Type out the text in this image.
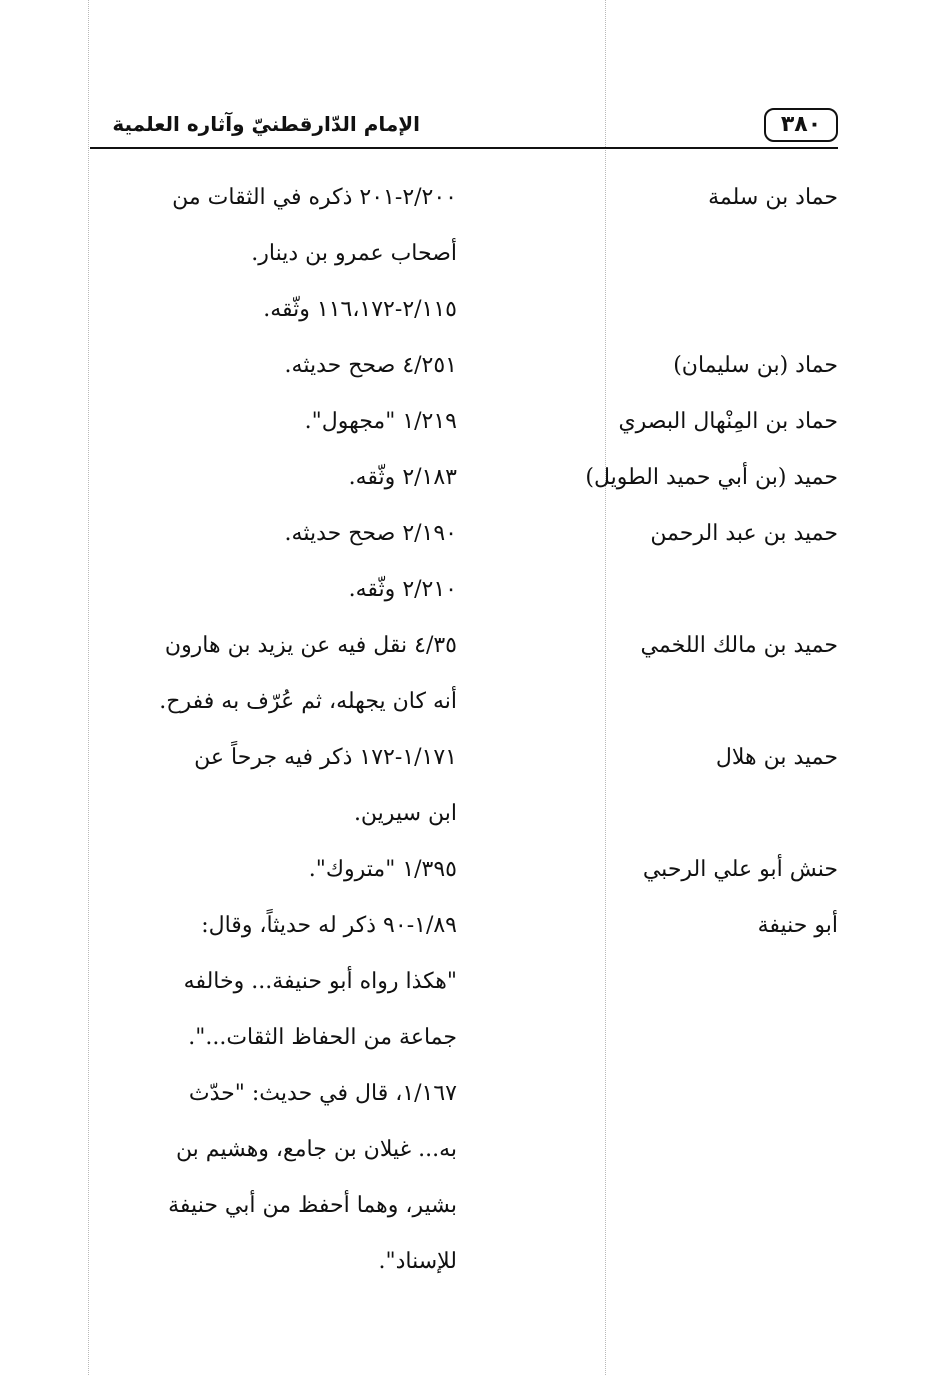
٣٨٠
الإمام الدّارقطنيّ وآثاره العلمية
حماد بن سلمة
٢/٢٠٠-٢٠١ ذكره في الثقات من
أصحاب عمرو بن دينار.
٢/١١٥-١١٦،١٧٢ وثّقه.
حماد (بن سليمان)
٤/٢٥١ صحح حديثه.
حماد بن المِنْهال البصري
١/٢١٩ "مجهول".
حميد (بن أبي حميد الطويل)
٢/١٨٣ وثّقه.
حميد بن عبد الرحمن
٢/١٩٠ صحح حديثه.
٢/٢١٠ وثّقه.
حميد بن مالك اللخمي
٤/٣٥ نقل فيه عن يزيد بن هارون
أنه كان يجهله، ثم عُرّف به ففرح.
حميد بن هلال
١/١٧١-١٧٢ ذكر فيه جرحاً عن
ابن سيرين.
حنش أبو علي الرحبي
١/٣٩٥ "متروك".
أبو حنيفة
١/٨٩-٩٠ ذكر له حديثاً، وقال:
"هكذا رواه أبو حنيفة... وخالفه
جماعة من الحفاظ الثقات...".
١/١٦٧، قال في حديث: "حدّث
به... غيلان بن جامع، وهشيم بن
بشير، وهما أحفظ من أبي حنيفة
للإسناد".
